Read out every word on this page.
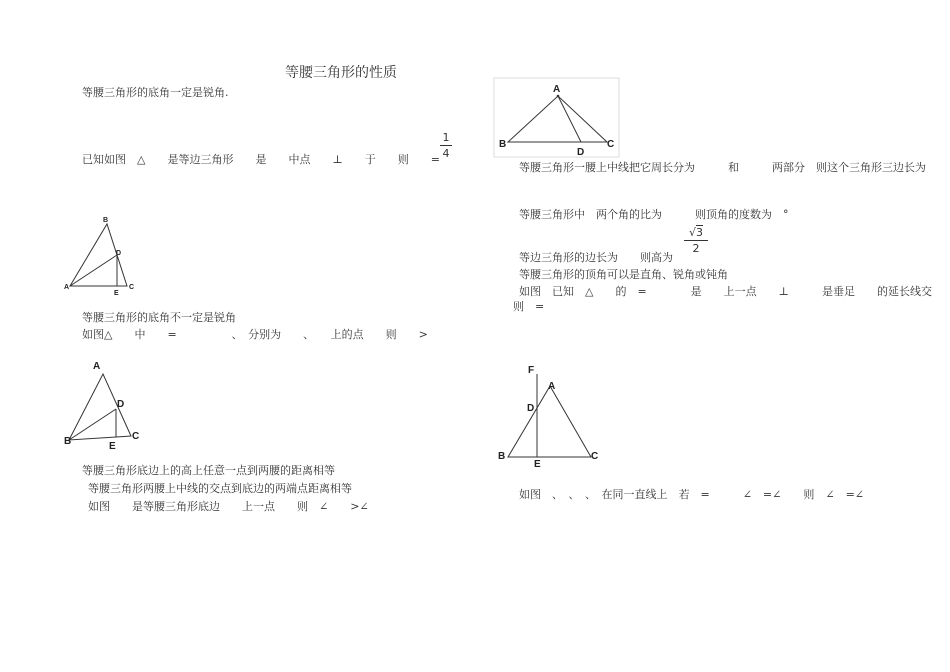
等腰三角形的性质
等腰三角形的底角一定是锐角.
已知如图　△　　是等边三角形　　是　　中点　　⊥　　于　　则　　=
1
4
B
D
A
E
C
等腰三角形的底角不一定是锐角
如图△　　中　　=　　　　　、　分别为　　、　　上的点　　则　　>
A
D
B	E
C
等腰三角形底边上的高上任意一点到两腰的距离相等
等腰三角形两腰上中线的交点到底边的两端点距离相等
如图　　是等腰三角形底边　　上一点　　则　∠　　>∠
A
B	C
D
等腰三角形一腰上中线把它周长分为　　　和　　　两部分　则这个三角形三边长为
等腰三角形中　两个角的比为　　　则顶角的度数为　°
等边三角形的边长为　　则高为
√3
2
等腰三角形的顶角可以是直角、锐角或钝角
如图　已知　△　　的　=　　　　是　　上一点　　⊥　　　是垂足　　的延长线交
则　=
F
A
D
B
E
C
如图　、　、　、　在同一直线上　若　=　　　∠　=∠　　则　∠　=∠
